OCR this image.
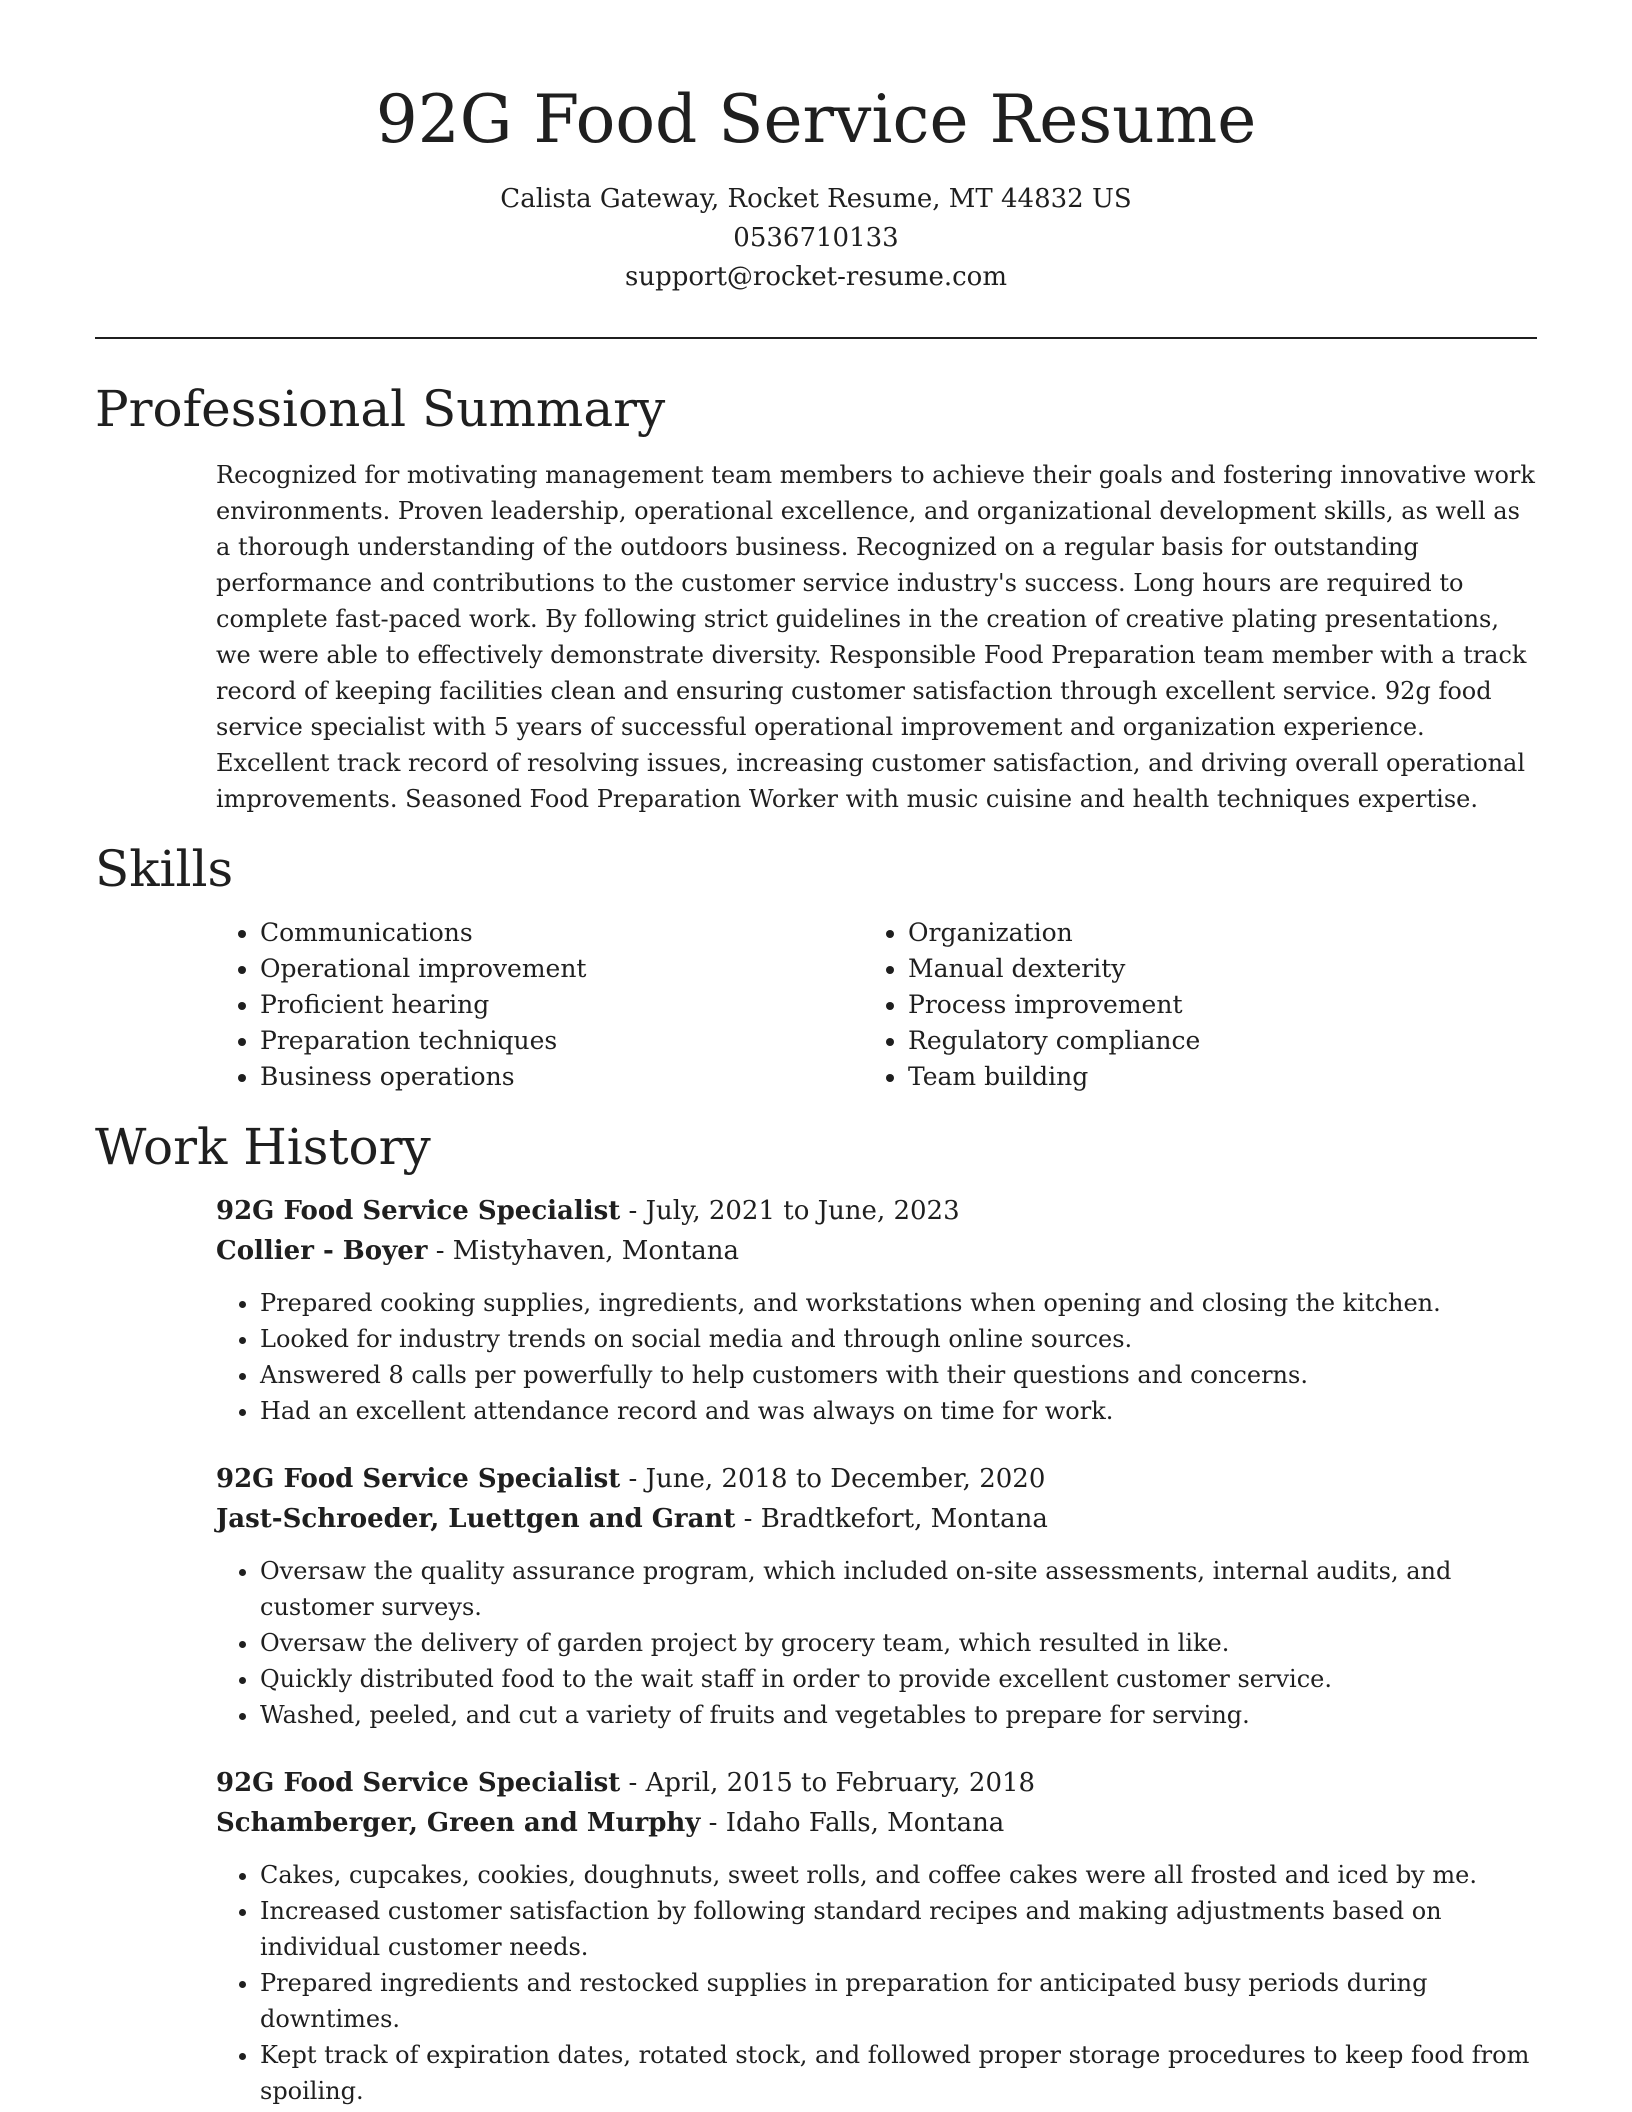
92G Food Service Resume
Calista Gateway, Rocket Resume, MT 44832 US
0536710133
support@rocket-resume.com
Professional Summary

Recognized for motivating management team members to achieve their goals and fostering innovative work environments. Proven leadership, operational excellence, and organizational development skills, as well as a thorough understanding of the outdoors business. Recognized on a regular basis for outstanding performance and contributions to the customer service industry's success. Long hours are required to complete fast-paced work. By following strict guidelines in the creation of creative plating presentations, we were able to effectively demonstrate diversity. Responsible Food Preparation team member with a track record of keeping facilities clean and ensuring customer satisfaction through excellent service. 92g food service specialist with 5 years of successful operational improvement and organization experience. Excellent track record of resolving issues, increasing customer satisfaction, and driving overall operational improvements. Seasoned Food Preparation Worker with music cuisine and health techniques expertise.

Skills
• Communications
• Operational improvement
• Proficient hearing
• Preparation techniques
• Business operations
• Organization
• Manual dexterity
• Process improvement
• Regulatory compliance
• Team building
Work History
92G Food Service Specialist - July, 2021 to June, 2023
Collier - Boyer - Mistyhaven, Montana
• Prepared cooking supplies, ingredients, and workstations when opening and closing the kitchen.
• Looked for industry trends on social media and through online sources.
• Answered 8 calls per powerfully to help customers with their questions and concerns.
• Had an excellent attendance record and was always on time for work.
92G Food Service Specialist - June, 2018 to December, 2020
Jast-Schroeder, Luettgen and Grant - Bradtkefort, Montana
• Oversaw the quality assurance program, which included on-site assessments, internal audits, and customer surveys.
• Oversaw the delivery of garden project by grocery team, which resulted in like.
• Quickly distributed food to the wait staff in order to provide excellent customer service.
• Washed, peeled, and cut a variety of fruits and vegetables to prepare for serving.
92G Food Service Specialist - April, 2015 to February, 2018
Schamberger, Green and Murphy - Idaho Falls, Montana
• Cakes, cupcakes, cookies, doughnuts, sweet rolls, and coffee cakes were all frosted and iced by me.
• Increased customer satisfaction by following standard recipes and making adjustments based on individual customer needs.
• Prepared ingredients and restocked supplies in preparation for anticipated busy periods during downtimes.
• Kept track of expiration dates, rotated stock, and followed proper storage procedures to keep food from spoiling.
